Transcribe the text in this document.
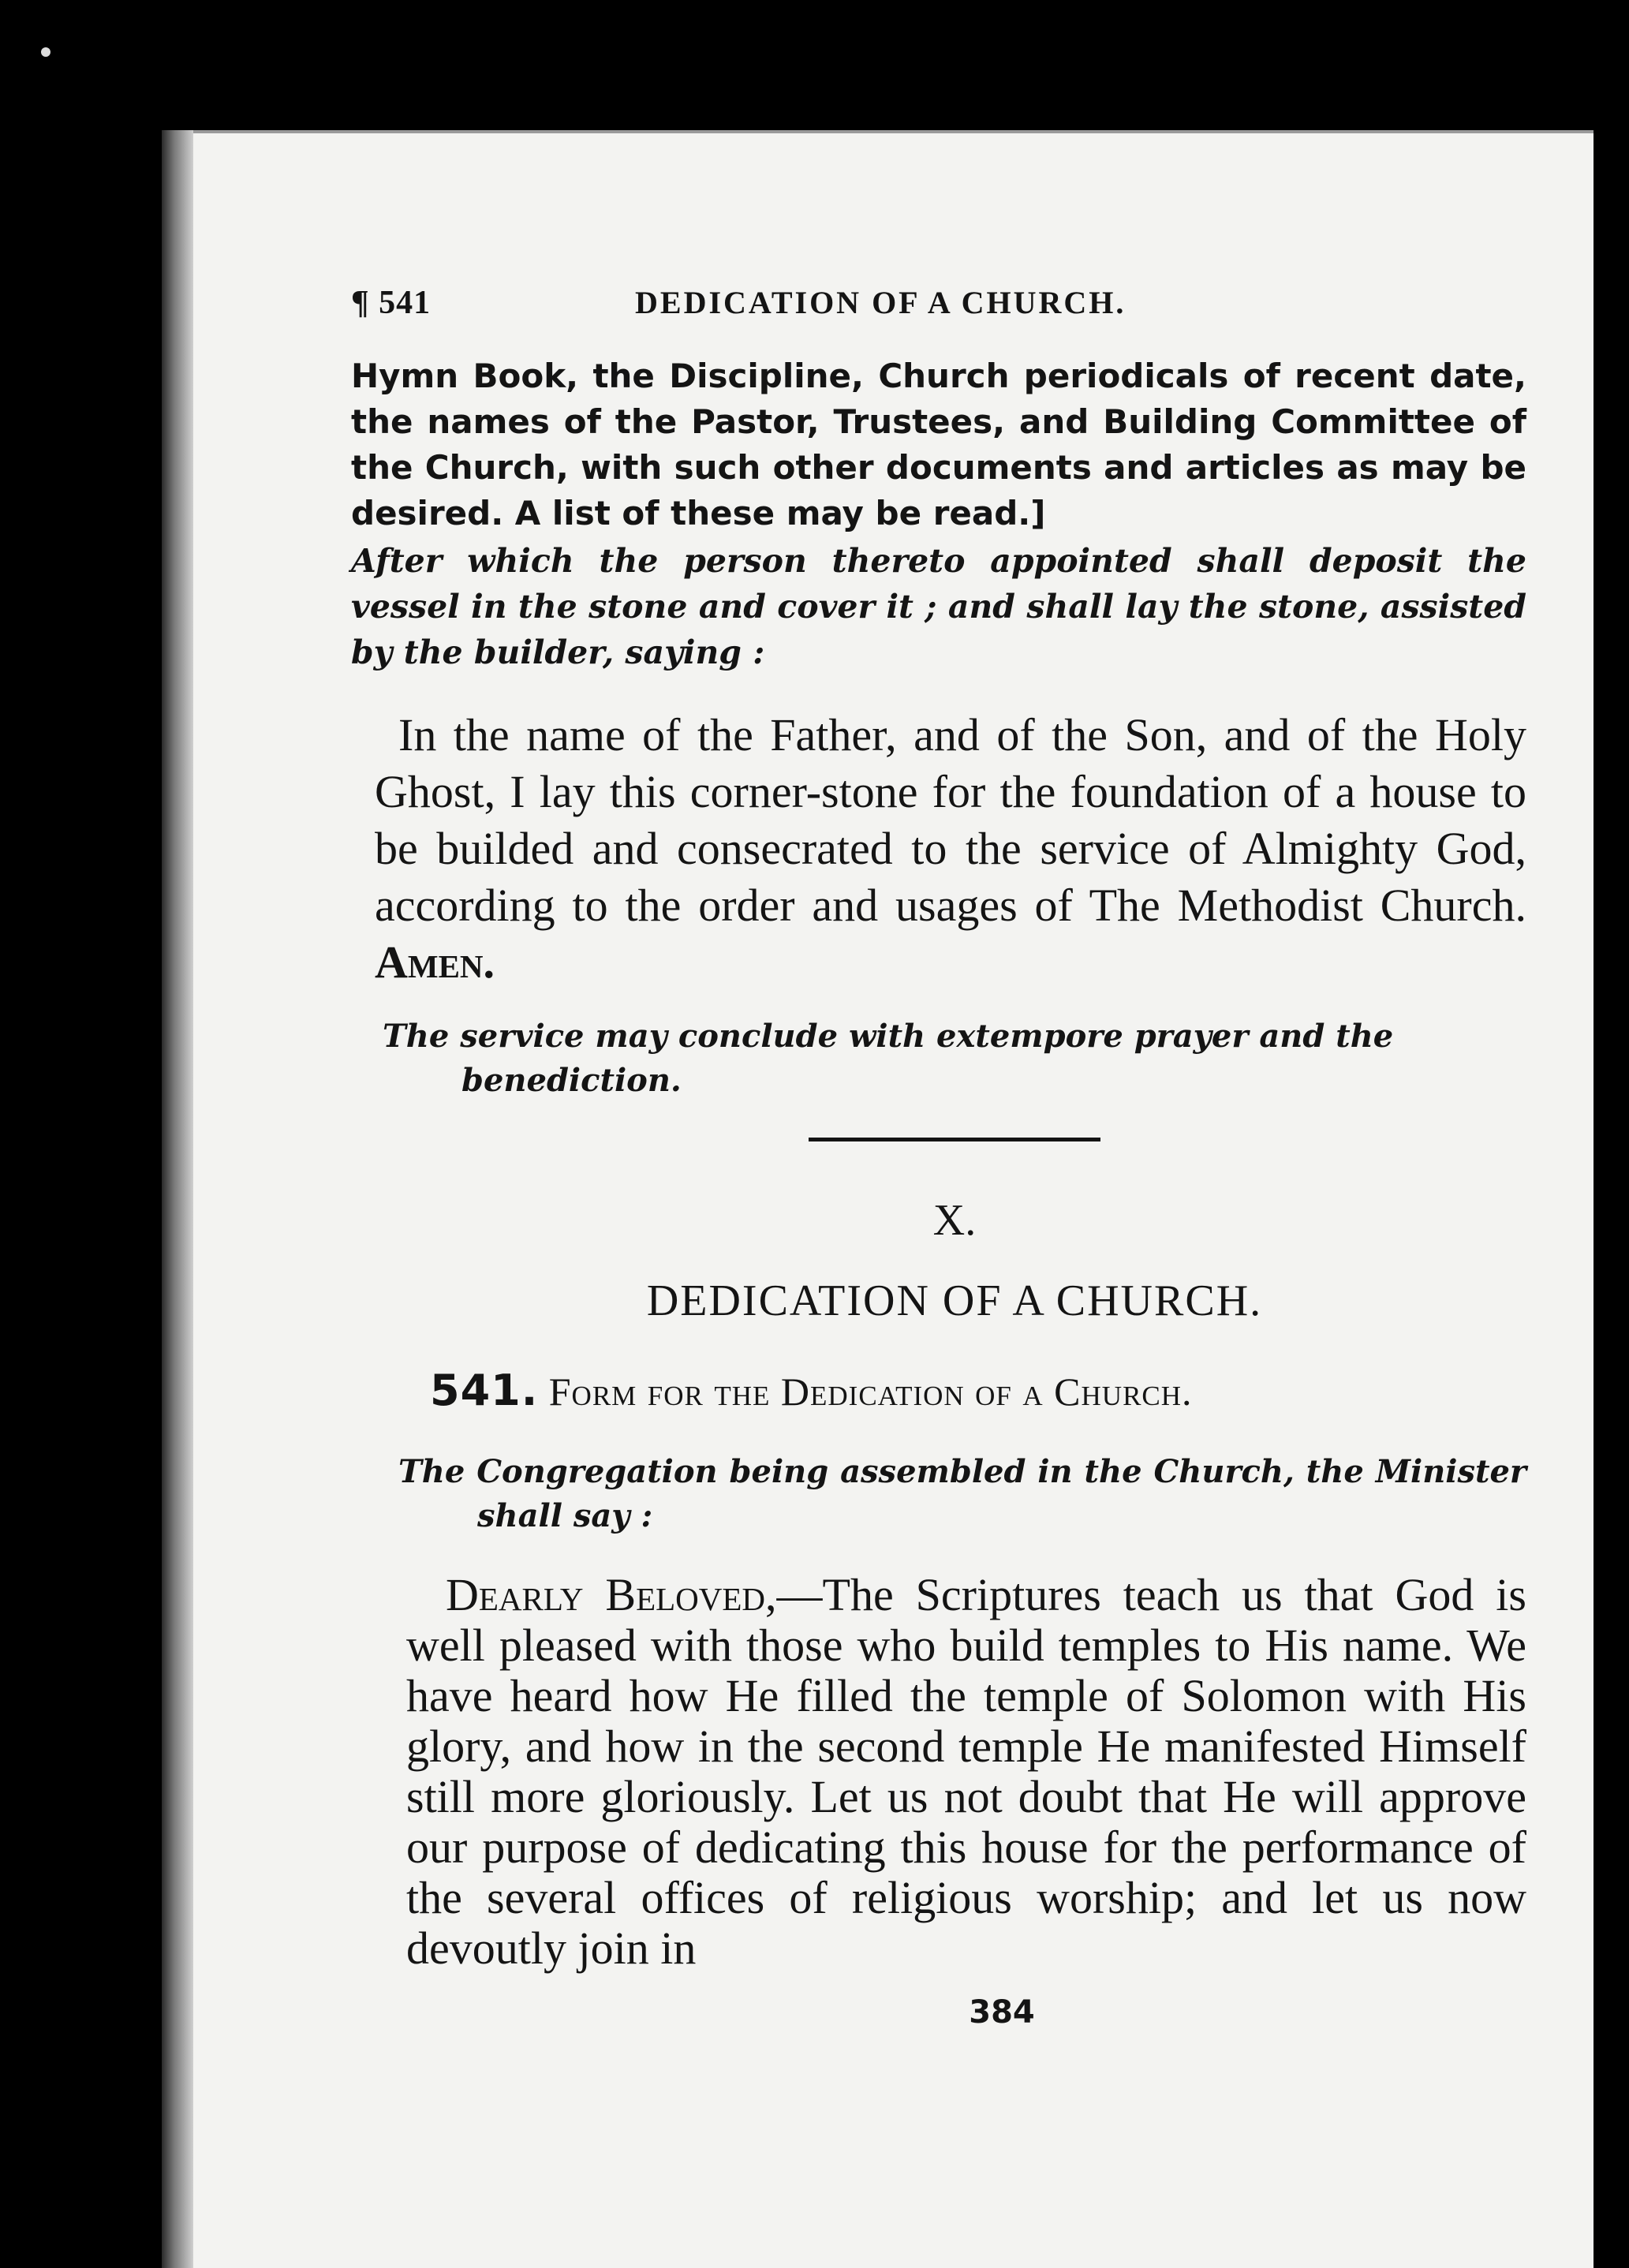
¶ 541	DEDICATION OF A CHURCH.
Hymn Book, the Discipline, Church periodicals of recent date, the names of the Pastor, Trustees, and Building Committee of the Church, with such other documents and articles as may be desired. A list of these may be read.]
After which the person thereto appointed shall deposit the vessel in the stone and cover it ; and shall lay the stone, assisted by the builder, saying :
In the name of the Father, and of the Son, and of the Holy Ghost, I lay this corner-stone for the foundation of a house to be builded and consecrated to the service of Almighty God, according to the order and usages of The Methodist Church. Amen.
The service may conclude with extempore prayer and the benediction.
X.
DEDICATION OF A CHURCH.
541. Form for the Dedication of a Church.
The Congregation being assembled in the Church, the Minister shall say :
Dearly Beloved,—The Scriptures teach us that God is well pleased with those who build temples to His name. We have heard how He filled the temple of Solomon with His glory, and how in the second temple He manifested Himself still more gloriously. Let us not doubt that He will approve our purpose of dedicating this house for the performance of the several offices of religious worship; and let us now devoutly join in
384
